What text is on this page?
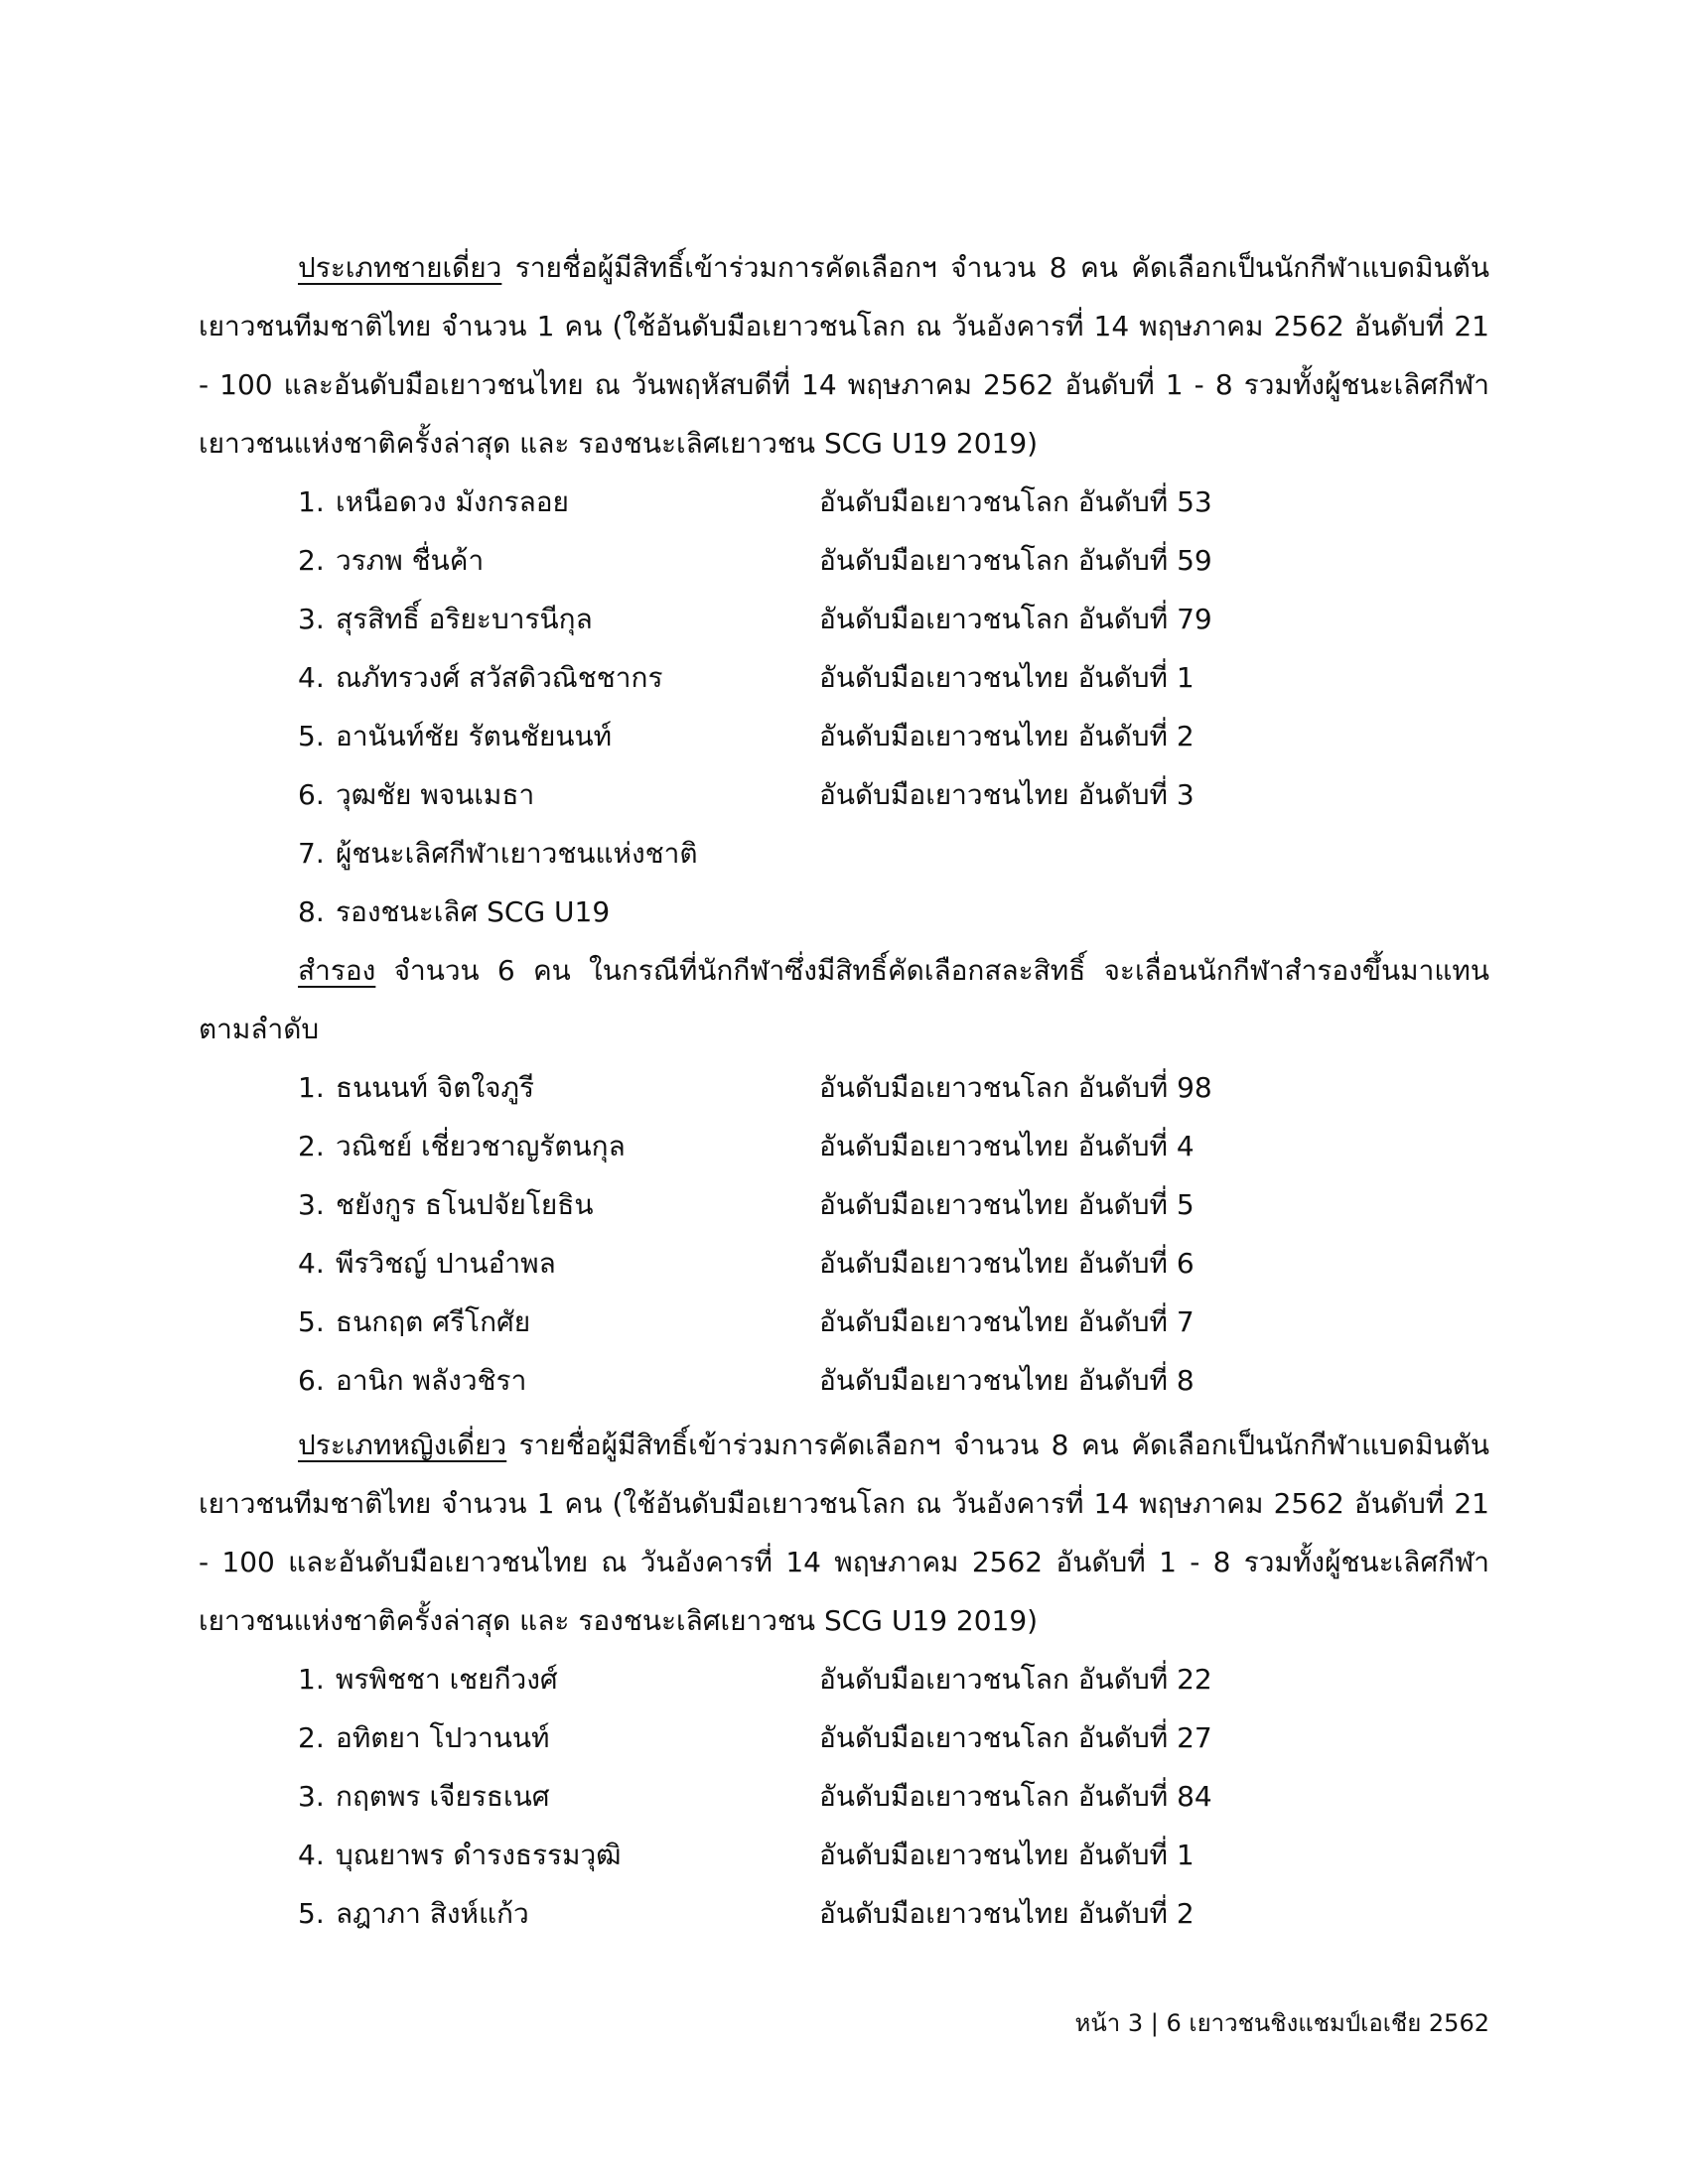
ประเภทชายเดี่ยว รายชื่อผู้มีสิทธิ์เข้าร่วมการคัดเลือกฯ จำนวน 8 คน คัดเลือกเป็นนักกีฬาแบดมินตันเยาวชนทีมชาติไทย จำนวน 1 คน (ใช้อันดับมือเยาวชนโลก ณ วันอังคารที่ 14 พฤษภาคม 2562 อันดับที่ 21 - 100 และอันดับมือเยาวชนไทย ณ วันพฤหัสบดีที่ 14 พฤษภาคม 2562 อันดับที่ 1 - 8 รวมทั้งผู้ชนะเลิศกีฬาเยาวชนแห่งชาติครั้งล่าสุด และ รองชนะเลิศเยาวชน SCG U19 2019)

1. เหนือดวง มังกรลอย	อันดับมือเยาวชนโลก อันดับที่ 53
2. วรภพ ชื่นค้า	อันดับมือเยาวชนโลก อันดับที่ 59
3. สุรสิทธิ์ อริยะบารนีกุล	อันดับมือเยาวชนโลก อันดับที่ 79
4. ณภัทรวงศ์ สวัสดิวณิชชากร	อันดับมือเยาวชนไทย อันดับที่ 1
5. อานันท์ชัย รัตนชัยนนท์	อันดับมือเยาวชนไทย อันดับที่ 2
6. วุฒชัย พจนเมธา	อันดับมือเยาวชนไทย อันดับที่ 3
7. ผู้ชนะเลิศกีฬาเยาวชนแห่งชาติ
8. รองชนะเลิศ SCG U19

สำรอง จำนวน 6 คน ในกรณีที่นักกีฬาซึ่งมีสิทธิ์คัดเลือกสละสิทธิ์ จะเลื่อนนักกีฬาสำรองขึ้นมาแทนตามลำดับ

1. ธนนนท์ จิตใจภูรี	อันดับมือเยาวชนโลก อันดับที่ 98
2. วณิชย์ เชี่ยวชาญรัตนกุล	อันดับมือเยาวชนไทย อันดับที่ 4
3. ชยังกูร ธโนปจัยโยธิน	อันดับมือเยาวชนไทย อันดับที่ 5
4. พีรวิชญ์ ปานอำพล	อันดับมือเยาวชนไทย อันดับที่ 6
5. ธนกฤต ศรีโกศัย	อันดับมือเยาวชนไทย อันดับที่ 7
6. อานิก พลังวชิรา	อันดับมือเยาวชนไทย อันดับที่ 8

ประเภทหญิงเดี่ยว รายชื่อผู้มีสิทธิ์เข้าร่วมการคัดเลือกฯ จำนวน 8 คน คัดเลือกเป็นนักกีฬาแบดมินตันเยาวชนทีมชาติไทย จำนวน 1 คน (ใช้อันดับมือเยาวชนโลก ณ วันอังคารที่ 14 พฤษภาคม 2562 อันดับที่ 21 - 100 และอันดับมือเยาวชนไทย ณ วันอังคารที่ 14 พฤษภาคม 2562 อันดับที่ 1 - 8 รวมทั้งผู้ชนะเลิศกีฬาเยาวชนแห่งชาติครั้งล่าสุด และ รองชนะเลิศเยาวชน SCG U19 2019)

1. พรพิชชา เชยกีวงศ์	อันดับมือเยาวชนโลก อันดับที่ 22
2. อทิตยา โปวานนท์	อันดับมือเยาวชนโลก อันดับที่ 27
3. กฤตพร เจียรธเนศ	อันดับมือเยาวชนโลก อันดับที่ 84
4. บุณยาพร ดำรงธรรมวุฒิ	อันดับมือเยาวชนไทย อันดับที่ 1
5. ลฎาภา สิงห์แก้ว	อันดับมือเยาวชนไทย อันดับที่ 2
หน้า 3 | 6 เยาวชนชิงแชมป์เอเชีย 2562
